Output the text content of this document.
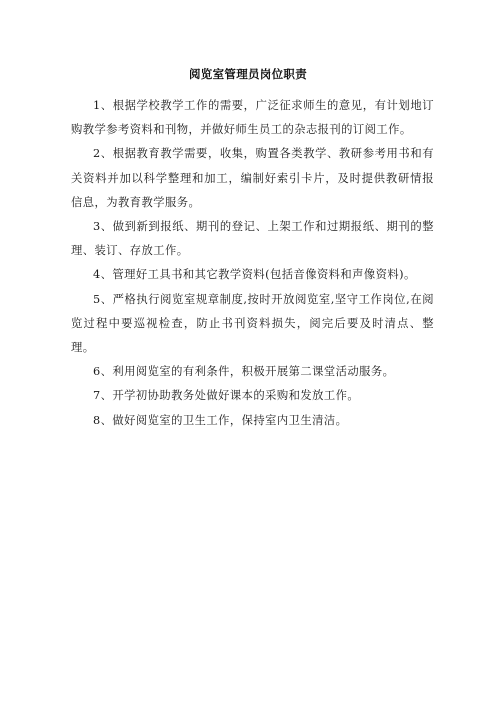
阅览室管理员岗位职责

1、根据学校教学工作的需要，广泛征求师生的意见，有计划地订购教学参考资料和刊物，并做好师生员工的杂志报刊的订阅工作。

2、根据教育教学需要，收集，购置各类教学、教研参考用书和有关资料并加以科学整理和加工，编制好索引卡片，及时提供教研情报信息，为教育教学服务。

3、做到新到报纸、期刊的登记、上架工作和过期报纸、期刊的整理、装订、存放工作。

4、管理好工具书和其它教学资料(包括音像资料和声像资料)。

5、严格执行阅览室规章制度,按时开放阅览室,坚守工作岗位,在阅览过程中要巡视检查，防止书刊资料损失，阅完后要及时清点、整理。

6、利用阅览室的有利条件，积极开展第二课堂活动服务。

7、开学初协助教务处做好课本的采购和发放工作。

8、做好阅览室的卫生工作，保持室内卫生清洁。
